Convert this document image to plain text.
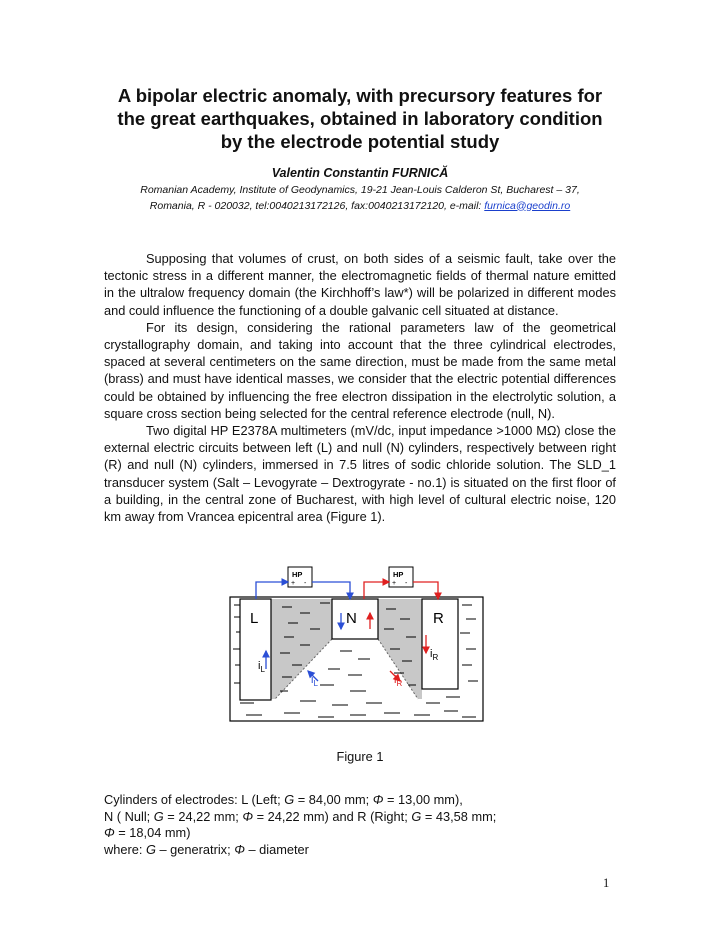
A bipolar electric anomaly, with precursory features for
the great earthquakes, obtained in laboratory condition
by the electrode potential study
Valentin Constantin FURNICĂ
Romanian Academy, Institute of Geodynamics, 19-21 Jean-Louis Calderon St, Bucharest – 37,
Romania, R - 020032, tel:0040213172126, fax:0040213172120, e-mail: furnica@geodin.ro

Supposing that volumes of crust, on both sides of a seismic fault, take over the tectonic stress in a different manner, the electromagnetic fields of thermal nature emitted in the ultralow frequency domain (the Kirchhoff’s law*) will be polarized in different modes and could influence the functioning of a double galvanic cell situated at distance.

For its design, considering the rational parameters law of the geometrical crystallography domain, and taking into account that the three cylindrical electrodes, spaced at several centimeters on the same direction, must be made from the same metal (brass) and must have identical masses, we consider that the electric potential differences could be obtained by influencing the free electron dissipation in the electrolytic solution, a square cross section being selected for the central reference electrode (null, N).

Two digital HP E2378A multimeters (mV/dc, input impedance >1000 MΩ) close the external electric circuits between left (L) and null (N) cylinders, respectively between right (R) and null (N) cylinders, immersed in 7.5 litres of sodic chloride solution. The SLD_1 transducer system (Salt – Levogyrate – Dextrogyrate - no.1) is situated on the first floor of a building, in the central zone of Bucharest, with high level of cultural electric noise, 120 km away from Vrancea epicentral area (Figure 1).

L	N	R
HP
+ -
HP
+ -
$i_L$
$i_R$
$i_L$	$i_R$
Figure 1
Cylinders of electrodes: L (Left; G = 84,00 mm; Φ = 13,00 mm),
N ( Null; G = 24,22 mm; Φ = 24,22 mm) and R (Right; G = 43,58 mm;
Φ = 18,04 mm)
where: G – generatrix; Φ – diameter
1
